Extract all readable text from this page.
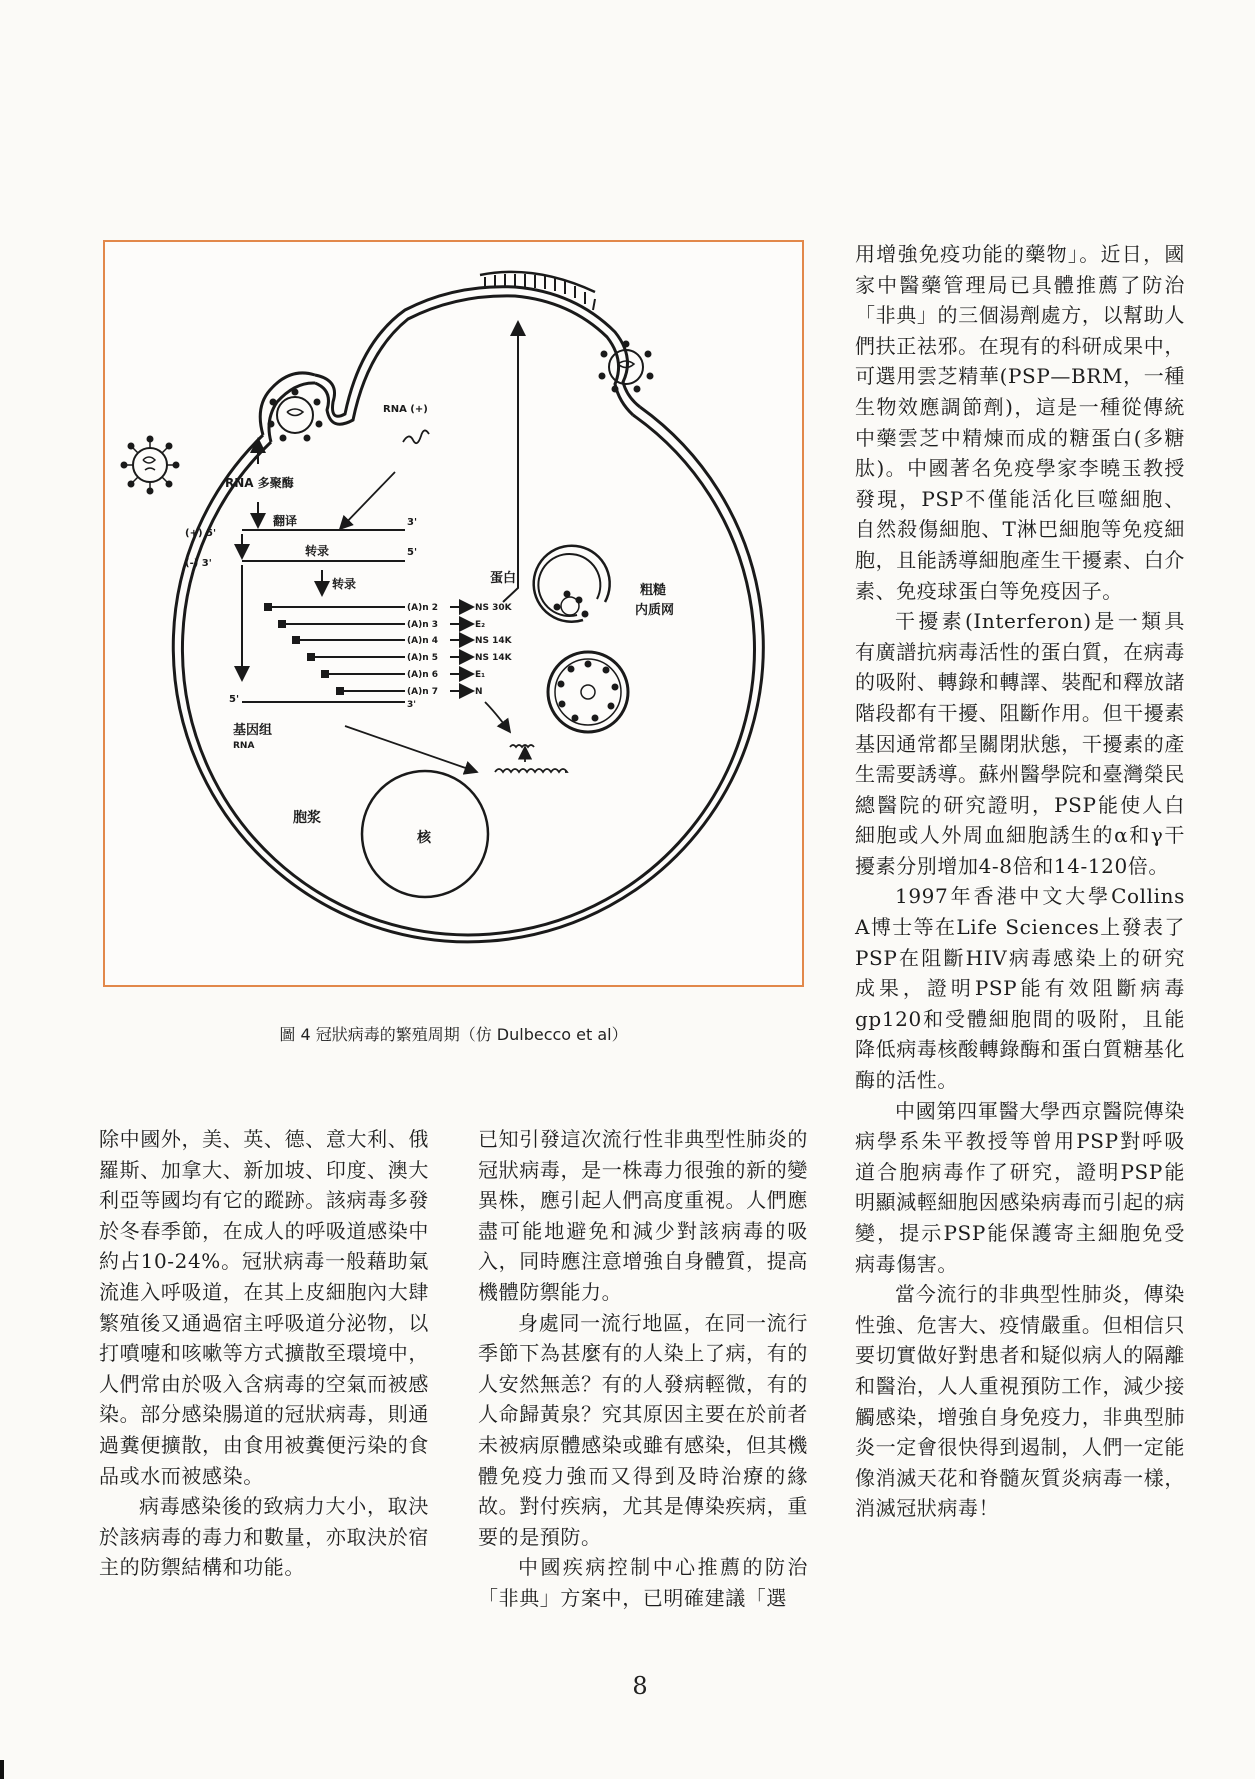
RNA (+)
RNA 多聚酶
翻译
(+) 5'
(-) 3'
3'
5'
转录
转录
(A)n 2
(A)n 3
(A)n 4
(A)n 5
(A)n 6
(A)n 7
NS 30K
E₂
NS 14K
NS 14K
E₁
N
3'
5'
基因组
RNA
蛋白
粗糙
内质网
核
胞浆
圖 4 冠狀病毒的繁殖周期（仿 Dulbecco et al）

除中國外，美、英、德、意大利、俄羅斯、加拿大、新加坡、印度、澳大利亞等國均有它的蹤跡。該病毒多發於冬春季節，在成人的呼吸道感染中約占10-24%。冠狀病毒一般藉助氣流進入呼吸道，在其上皮細胞內大肆繁殖後又通過宿主呼吸道分泌物，以打噴嚏和咳嗽等方式擴散至環境中，人們常由於吸入含病毒的空氣而被感染。部分感染腸道的冠狀病毒，則通過糞便擴散，由食用被糞便污染的食品或水而被感染。

病毒感染後的致病力大小，取決於該病毒的毒力和數量，亦取決於宿主的防禦結構和功能。

已知引發這次流行性非典型性肺炎的冠狀病毒，是一株毒力很強的新的變異株，應引起人們高度重視。人們應盡可能地避免和減少對該病毒的吸入，同時應注意增強自身體質，提高機體防禦能力。

身處同一流行地區，在同一流行季節下為甚麼有的人染上了病，有的人安然無恙？有的人發病輕微，有的人命歸黃泉？究其原因主要在於前者未被病原體感染或雖有感染，但其機體免疫力強而又得到及時治療的緣故。對付疾病，尤其是傳染疾病，重要的是預防。

中國疾病控制中心推薦的防治「非典」方案中，已明確建議「選

用增強免疫功能的藥物」。近日，國家中醫藥管理局已具體推薦了防治「非典」的三個湯劑處方，以幫助人們扶正祛邪。在現有的科研成果中，可選用雲芝精華(PSP—BRM，一種生物效應調節劑)，這是一種從傳統中藥雲芝中精煉而成的糖蛋白(多糖肽)。中國著名免疫學家李曉玉教授發現，PSP不僅能活化巨噬細胞、自然殺傷細胞、T淋巴細胞等免疫細胞，且能誘導細胞產生干擾素、白介素、免疫球蛋白等免疫因子。

干擾素(Interferon)是一類具有廣譜抗病毒活性的蛋白質，在病毒的吸附、轉錄和轉譯、裝配和釋放諸階段都有干擾、阻斷作用。但干擾素基因通常都呈關閉狀態，干擾素的產生需要誘導。蘇州醫學院和臺灣榮民總醫院的研究證明，PSP能使人白細胞或人外周血細胞誘生的α和γ干擾素分別增加4-8倍和14-120倍。

1997年香港中文大學Collins A博士等在Life Sciences上發表了PSP在阻斷HIV病毒感染上的研究成果，證明PSP能有效阻斷病毒gp120和受體細胞間的吸附，且能降低病毒核酸轉錄酶和蛋白質糖基化酶的活性。

中國第四軍醫大學西京醫院傳染病學系朱平教授等曾用PSP對呼吸道合胞病毒作了研究，證明PSP能明顯減輕細胞因感染病毒而引起的病變，提示PSP能保護寄主細胞免受病毒傷害。

當今流行的非典型性肺炎，傳染性強、危害大、疫情嚴重。但相信只要切實做好對患者和疑似病人的隔離和醫治，人人重視預防工作，減少接觸感染，增強自身免疫力，非典型肺炎一定會很快得到遏制，人們一定能像消滅天花和脊髓灰質炎病毒一樣，消滅冠狀病毒！

8
